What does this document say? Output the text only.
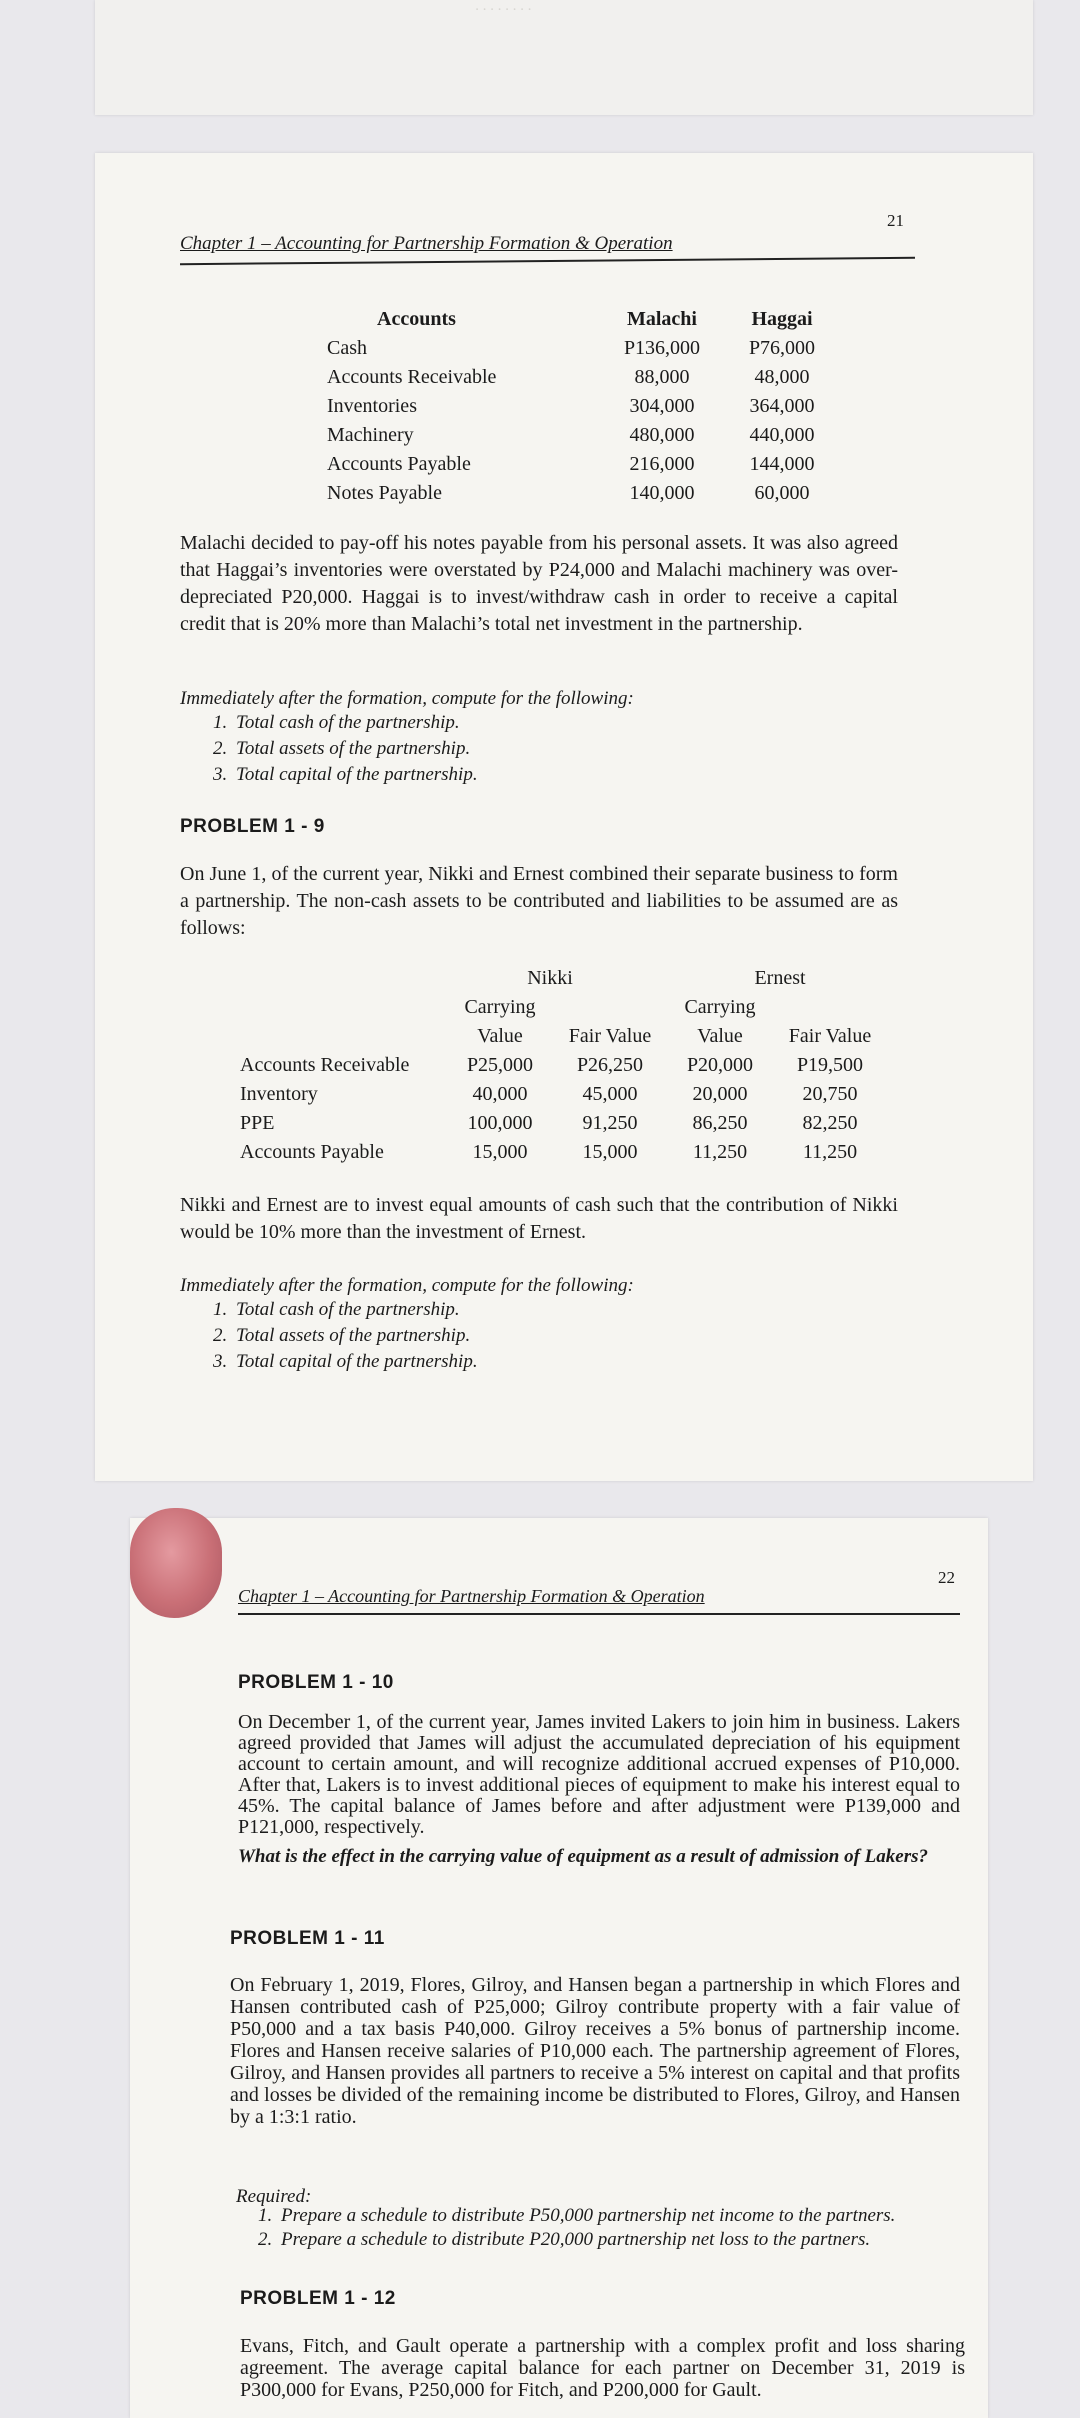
· · · · · · · ·
21
Chapter 1 – Accounting for Partnership Formation & Operation
Accounts	Malachi	Haggai
Cash	P136,000	P76,000
Accounts Receivable	88,000	48,000
Inventories	304,000	364,000
Machinery	480,000	440,000
Accounts Payable	216,000	144,000
Notes Payable	140,000	60,000
Malachi decided to pay-off his notes payable from his personal assets. It was also agreed that Haggai’s inventories were overstated by P24,000 and Malachi machinery was over-depreciated P20,000. Haggai is to invest/withdraw cash in order to receive a capital credit that is 20% more than Malachi’s total net investment in the partnership.
Immediately after the formation, compute for the following:
1. Total cash of the partnership.
2. Total assets of the partnership.
3. Total capital of the partnership.
PROBLEM 1 - 9
On June 1, of the current year, Nikki and Ernest combined their separate business to form a partnership. The non-cash assets to be contributed and liabilities to be assumed are as follows:
	Nikki		Ernest	
	Carrying		Carrying	
	Value	Fair Value	Value	Fair Value
Accounts Receivable	P25,000	P26,250	P20,000	P19,500
Inventory	40,000	45,000	20,000	20,750
PPE	100,000	91,250	86,250	82,250
Accounts Payable	15,000	15,000	11,250	11,250
Nikki and Ernest are to invest equal amounts of cash such that the contribution of Nikki would be 10% more than the investment of Ernest.
Immediately after the formation, compute for the following:
1. Total cash of the partnership.
2. Total assets of the partnership.
3. Total capital of the partnership.
22
Chapter 1 – Accounting for Partnership Formation & Operation
PROBLEM 1 - 10
On December 1, of the current year, James invited Lakers to join him in business. Lakers agreed provided that James will adjust the accumulated depreciation of his equipment account to certain amount, and will recognize additional accrued expenses of P10,000. After that, Lakers is to invest additional pieces of equipment to make his interest equal to 45%. The capital balance of James before and after adjustment were P139,000 and P121,000, respectively.
What is the effect in the carrying value of equipment as a result of admission of Lakers?
PROBLEM 1 - 11
On February 1, 2019, Flores, Gilroy, and Hansen began a partnership in which Flores and Hansen contributed cash of P25,000; Gilroy contribute property with a fair value of P50,000 and a tax basis P40,000. Gilroy receives a 5% bonus of partnership income. Flores and Hansen receive salaries of P10,000 each. The partnership agreement of Flores, Gilroy, and Hansen provides all partners to receive a 5% interest on capital and that profits and losses be divided of the remaining income be distributed to Flores, Gilroy, and Hansen by a 1:3:1 ratio.
Required:
1. Prepare a schedule to distribute P50,000 partnership net income to the partners.
2. Prepare a schedule to distribute P20,000 partnership net loss to the partners.
PROBLEM 1 - 12
Evans, Fitch, and Gault operate a partnership with a complex profit and loss sharing agreement. The average capital balance for each partner on December 31, 2019 is P300,000 for Evans, P250,000 for Fitch, and P200,000 for Gault.
